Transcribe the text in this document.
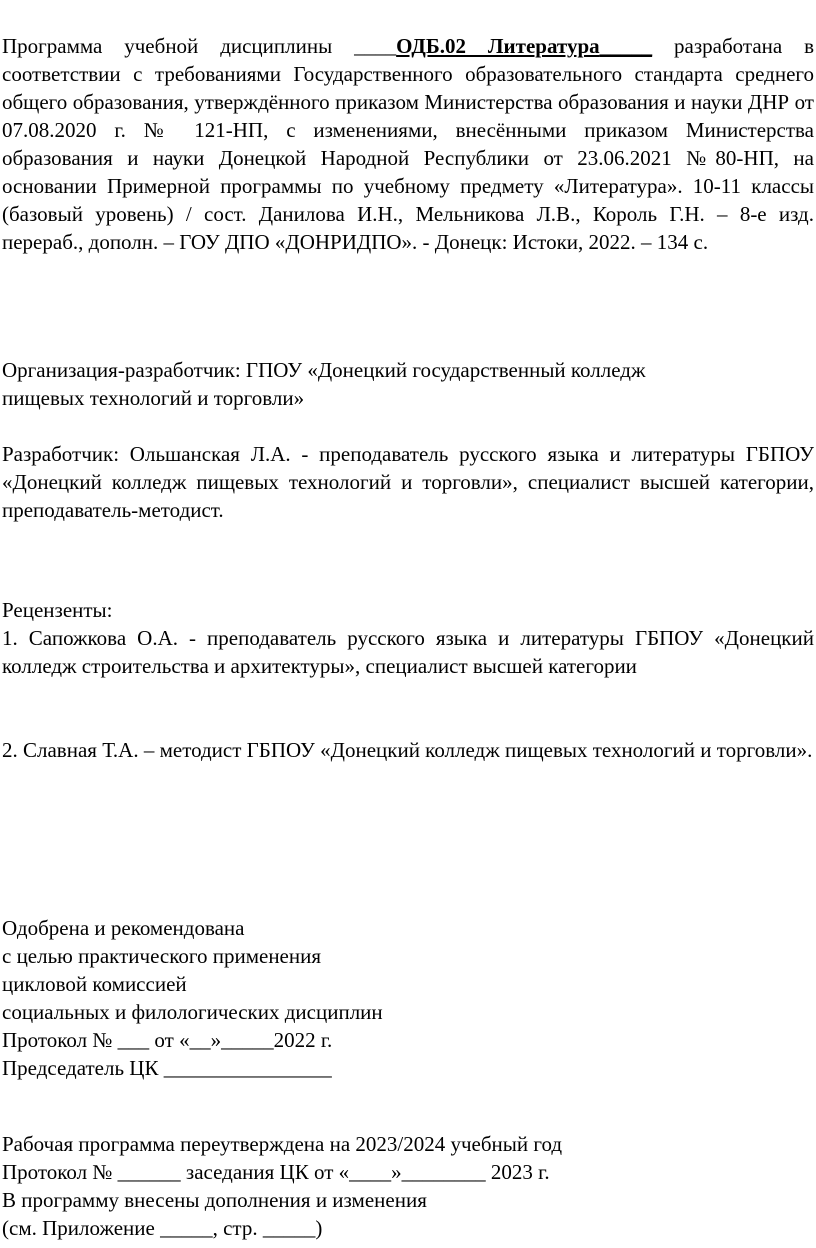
Программа учебной дисциплины ____ОДБ.02 Литература_____ разработана в соответствии с требованиями Государственного образовательного стандарта среднего общего образования, утверждённого приказом Министерства образования и науки ДНР от 07.08.2020 г. № 121-НП, с изменениями, внесёнными приказом Министерства образования и науки Донецкой Народной Республики от 23.06.2021 №80-НП, на основании Примерной программы по учебному предмету «Литература». 10-11 классы (базовый уровень) / сост. Данилова И.Н., Мельникова Л.В., Король Г.Н. – 8-е изд. перераб., дополн. – ГОУ ДПО «ДОНРИДПО». - Донецк: Истоки, 2022. – 134 с.

Организация-разработчик: ГПОУ «Донецкий государственный колледж
пищевых технологий и торговли»

Разработчик: Ольшанская Л.А. - преподаватель русского языка и литературы ГБПОУ «Донецкий колледж пищевых технологий и торговли», специалист высшей категории, преподаватель-методист.

Рецензенты:

1. Сапожкова О.А. - преподаватель русского языка и литературы ГБПОУ «Донецкий колледж строительства и архитектуры», специалист высшей категории

2. Славная Т.А. – методист ГБПОУ «Донецкий колледж пищевых технологий и торговли».

Одобрена и рекомендована
с целью практического применения
цикловой комиссией
социальных и филологических дисциплин
Протокол № ___ от «__»_____2022 г.
Председатель ЦК ________________
Рабочая программа переутверждена на 2023/2024 учебный год
Протокол № ______ заседания ЦК от «____»________ 2023 г.
В программу внесены дополнения и изменения
(см. Приложение _____, стр. _____)
